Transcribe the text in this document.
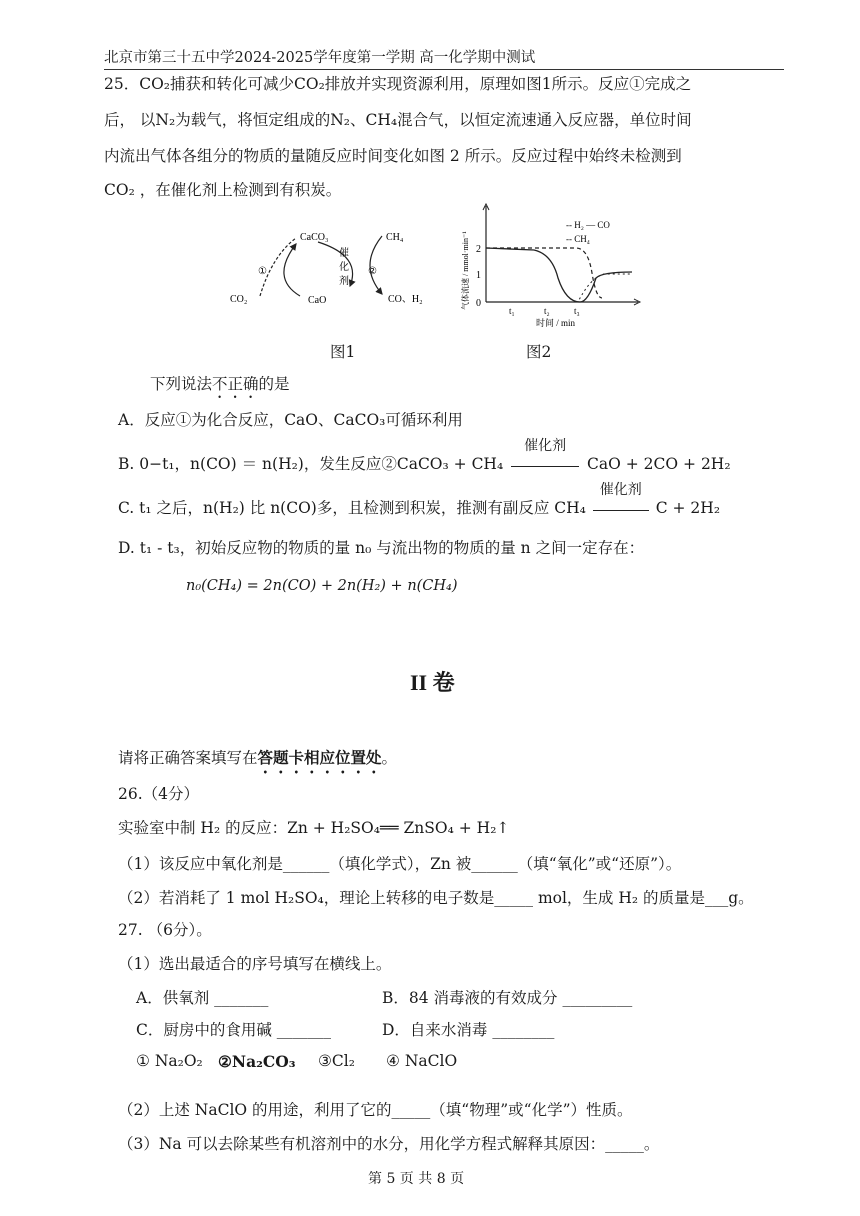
北京市第三十五中学2024-2025学年度第一学期 高一化学期中测试
25．CO₂捕获和转化可减少CO₂排放并实现资源利用，原理如图1所示。反应①完成之
后， 以N₂为载气，将恒定组成的N₂、CH₄混合气，以恒定流速通入反应器，单位时间
内流出气体各组分的物质的量随反应时间变化如图 2 所示。反应过程中始终未检测到
CO₂ ，在催化剂上检测到有积炭。
CaCO₃
CaO
CO₂
CH₄
CO、H₂
①	②
催
化
剂
2
1
0
t₁	t₂	t₃
-- H₂ — CO
-- CH₄
气体流速 / mmol·min⁻¹
时间 / min
图1	图2
下列说法不正确的是
A．反应①为化合反应，CaO、CaCO₃可循环利用
B. 0−t₁，n(CO) ＝ n(H₂)，发生反应②CaCO₃ + CH₄
催化剂
CaO + 2CO + 2H₂
C. t₁ 之后，n(H₂) 比 n(CO)多，且检测到积炭，推测有副反应 CH₄
催化剂
C + 2H₂
D. t₁ - t₃，初始反应物的物质的量 n₀ 与流出物的物质的量 n 之间一定存在：
n₀(CH₄) = 2n(CO) + 2n(H₂) + n(CH₄)
II 卷
请将正确答案填写在答题卡相应位置处。
26.（4分）
实验室中制 H₂ 的反应：Zn + H₂SO₄══ ZnSO₄ + H₂↑
（1）该反应中氧化剂是______（填化学式），Zn 被______（填“氧化”或“还原”）。
（2）若消耗了 1 mol H₂SO₄，理论上转移的电子数是_____ mol，生成 H₂ 的质量是___g。
27. （6分）。
（1）选出最适合的序号填写在横线上。
A．供氧剂 _______	B．84 消毒液的有效成分 _________
C．厨房中的食用碱 _______	D．自来水消毒 ________
① Na₂O₂ ②Na₂CO₃ ③Cl₂ ④ NaClO
（2）上述 NaClO 的用途，利用了它的_____（填“物理”或“化学”）性质。
（3）Na 可以去除某些有机溶剂中的水分，用化学方程式解释其原因：_____。
第 5 页 共 8 页
